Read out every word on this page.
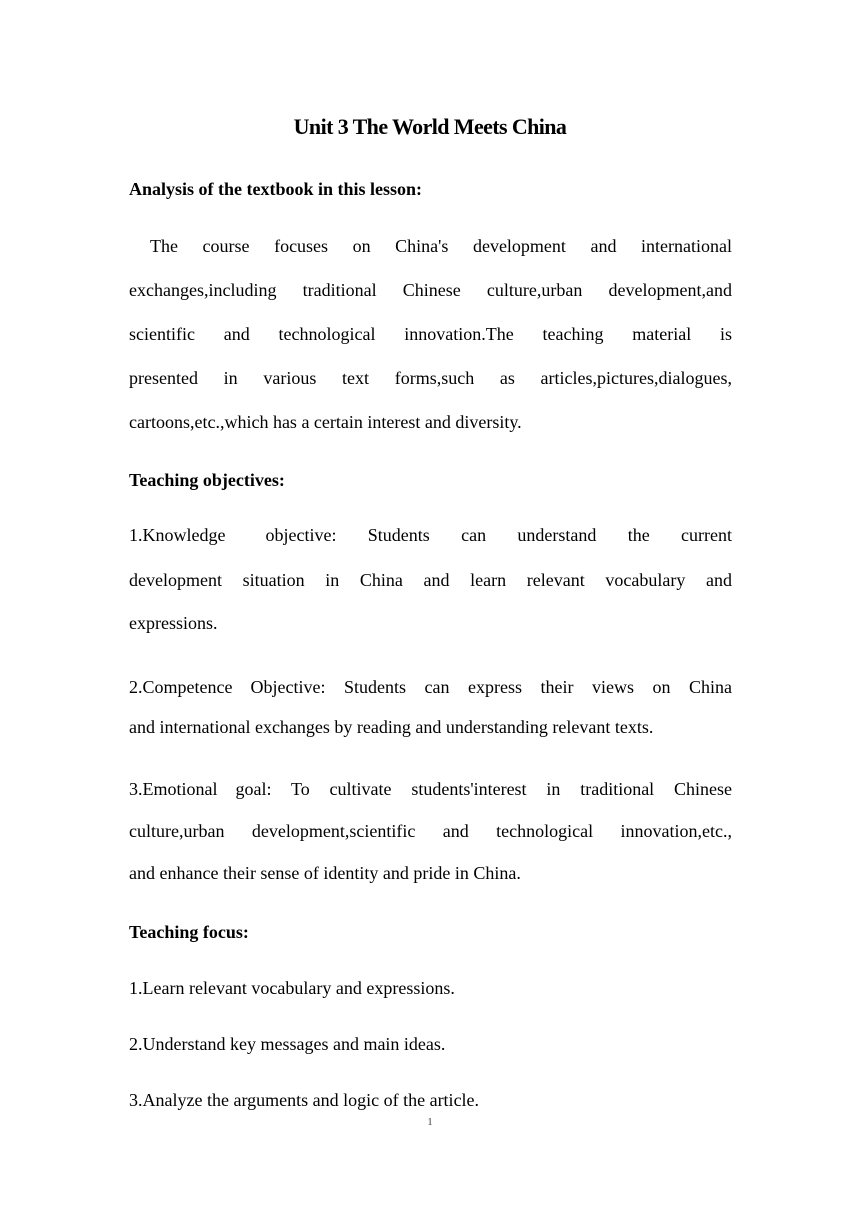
Unit 3 The World Meets China
Analysis of the textbook in this lesson:
The course focuses on China's development and international
exchanges,including traditional Chinese culture,urban development,and
scientific and technological innovation.The teaching material is
presented in various text forms,such as articles,pictures,dialogues,
cartoons,etc.,which has a certain interest and diversity.
Teaching objectives:
1.Knowledge objective: Students can understand the current
development situation in China and learn relevant vocabulary and
expressions.
2.Competence Objective: Students can express their views on China
and international exchanges by reading and understanding relevant texts.
3.Emotional goal: To cultivate students'interest in traditional Chinese
culture,urban development,scientific and technological innovation,etc.,
and enhance their sense of identity and pride in China.
Teaching focus:
1.Learn relevant vocabulary and expressions.
2.Understand key messages and main ideas.
3.Analyze the arguments and logic of the article.
1
